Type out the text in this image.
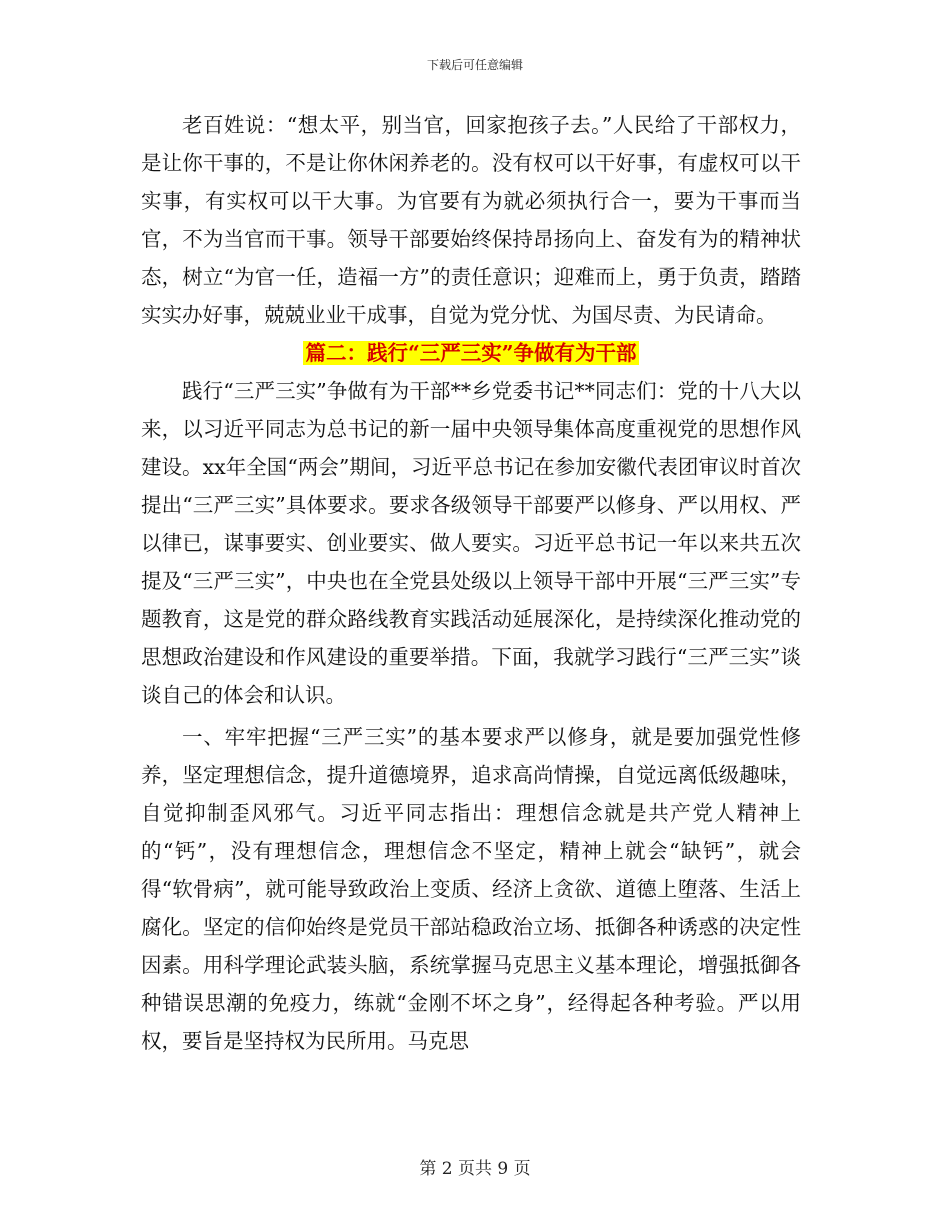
下载后可任意编辑

老百姓说：“想太平，别当官，回家抱孩子去。”人民给了干部权力，是让你干事的，不是让你休闲养老的。没有权可以干好事，有虚权可以干实事，有实权可以干大事。为官要有为就必须执行合一，要为干事而当官，不为当官而干事。领导干部要始终保持昂扬向上、奋发有为的精神状态，树立“为官一任，造福一方”的责任意识；迎难而上，勇于负责，踏踏实实办好事，兢兢业业干成事，自觉为党分忧、为国尽责、为民请命。

篇二：践行“三严三实”争做有为干部

践行“三严三实”争做有为干部**乡党委书记**同志们：党的十八大以来，以习近平同志为总书记的新一届中央领导集体高度重视党的思想作风建设。xx年全国“两会”期间，习近平总书记在参加安徽代表团审议时首次提出“三严三实”具体要求。要求各级领导干部要严以修身、严以用权、严以律已，谋事要实、创业要实、做人要实。习近平总书记一年以来共五次提及“三严三实”，中央也在全党县处级以上领导干部中开展“三严三实”专题教育，这是党的群众路线教育实践活动延展深化，是持续深化推动党的思想政治建设和作风建设的重要举措。下面，我就学习践行“三严三实”谈谈自己的体会和认识。

一、牢牢把握“三严三实”的基本要求严以修身，就是要加强党性修养，坚定理想信念，提升道德境界，追求高尚情操，自觉远离低级趣味，自觉抑制歪风邪气。习近平同志指出：理想信念就是共产党人精神上的“钙”，没有理想信念，理想信念不坚定，精神上就会“缺钙”，就会得“软骨病”，就可能导致政治上变质、经济上贪欲、道德上堕落、生活上腐化。坚定的信仰始终是党员干部站稳政治立场、抵御各种诱惑的决定性因素。用科学理论武装头脑，系统掌握马克思主义基本理论，增强抵御各种错误思潮的免疫力，练就“金刚不坏之身”，经得起各种考验。严以用权，要旨是坚持权为民所用。马克思

第 2 页共 9 页
